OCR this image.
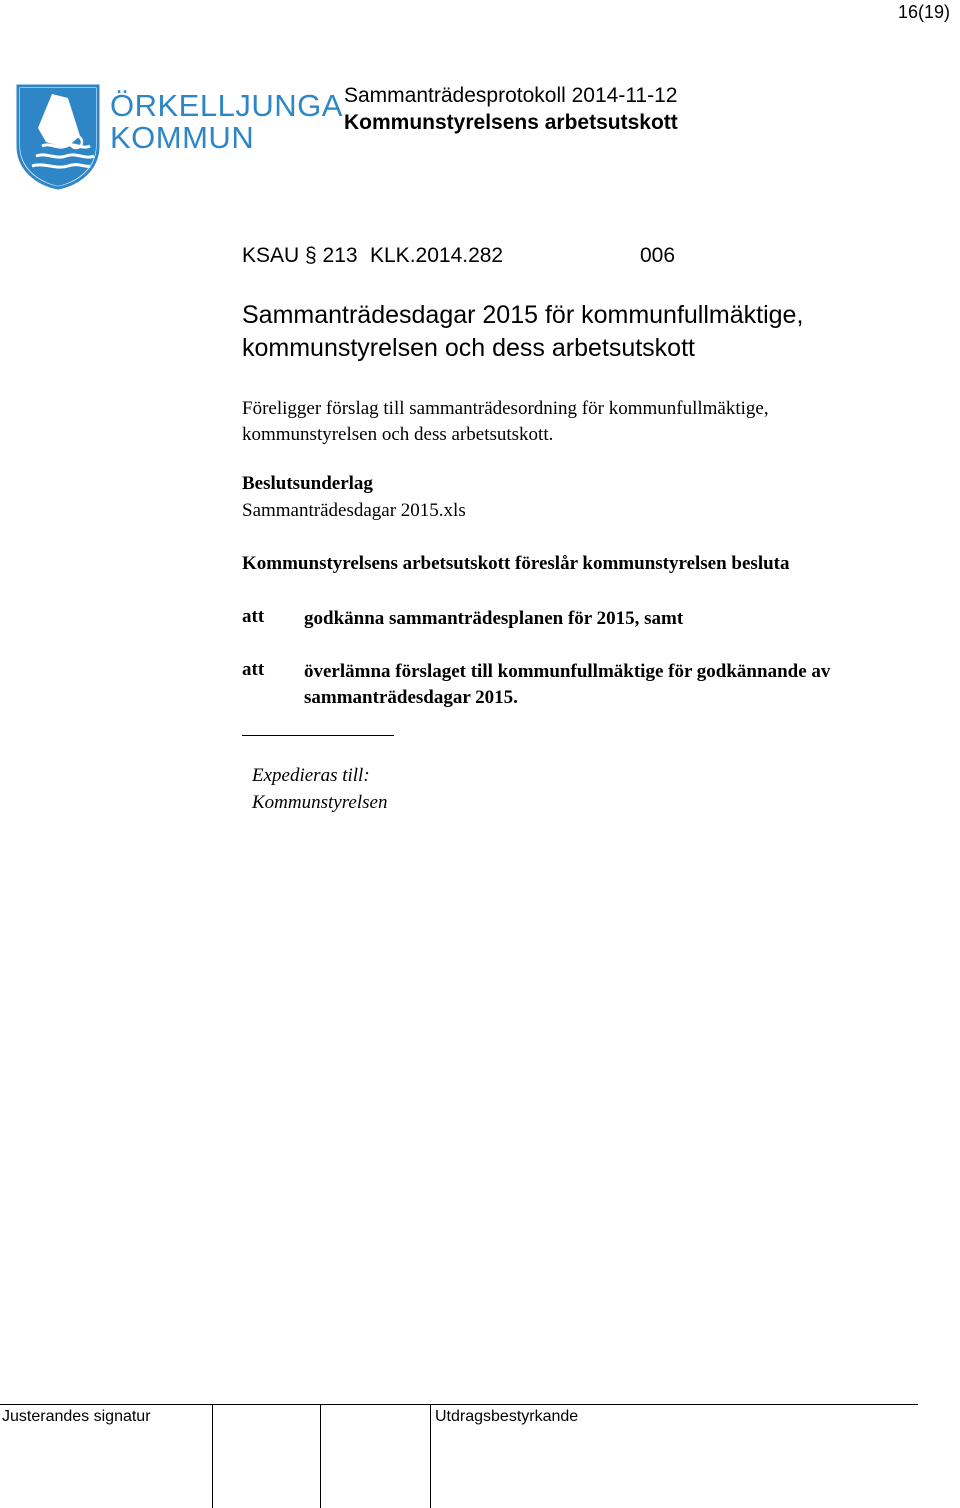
16(19)
ÖRKELLJUNGA
KOMMUN
Sammanträdesprotokoll 2014-11-12
Kommunstyrelsens arbetsutskott
KSAU § 213 KLK.2014.282	006
Sammanträdesdagar 2015 för kommunfullmäktige, kommunstyrelsen och dess arbetsutskott
Föreligger förslag till sammanträdesordning för kommunfullmäktige, kommunstyrelsen och dess arbetsutskott.
Beslutsunderlag
Sammanträdesdagar 2015.xls
Kommunstyrelsens arbetsutskott föreslår kommunstyrelsen besluta
att godkänna sammanträdesplanen för 2015, samt
att överlämna förslaget till kommunfullmäktige för godkännande av sammanträdesdagar 2015.
Expedieras till:
Kommunstyrelsen
Justerandes signatur	Utdragsbestyrkande
